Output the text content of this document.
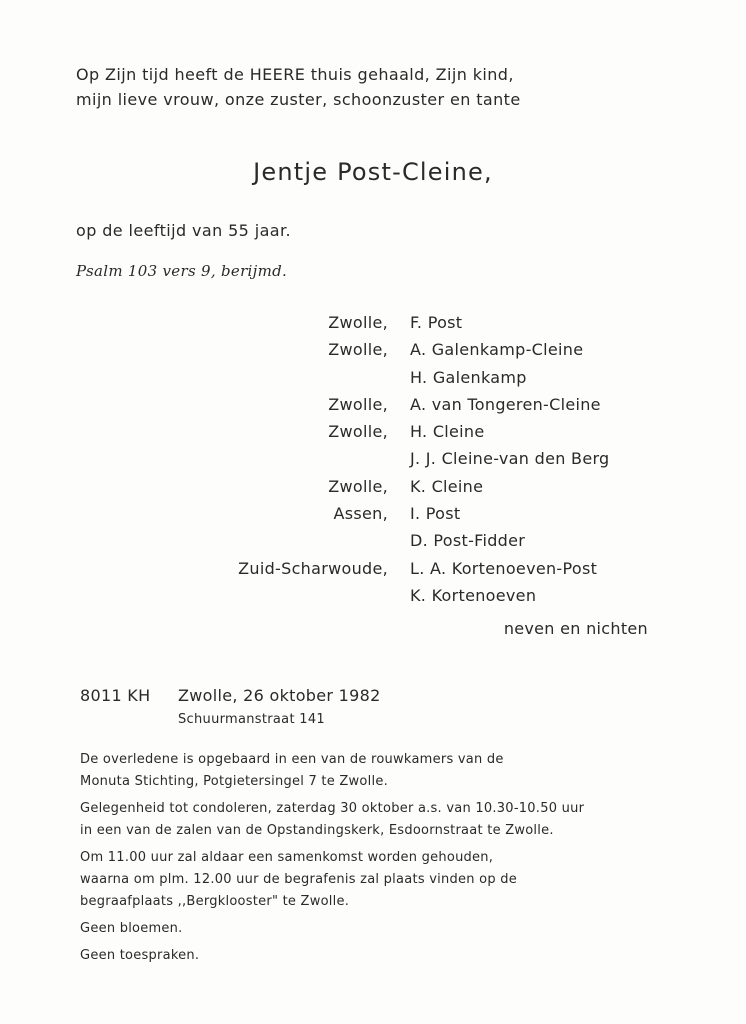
Op Zijn tijd heeft de HEERE thuis gehaald, Zijn kind,
mijn lieve vrouw, onze zuster, schoonzuster en tante
Jentje Post-Cleine,
op de leeftijd van 55 jaar.
Psalm 103 vers 9, berijmd.
Zwolle, F. Post
Zwolle, A. Galenkamp-Cleine
H. Galenkamp
Zwolle, A. van Tongeren-Cleine
Zwolle, H. Cleine
J. J. Cleine-van den Berg
Zwolle, K. Cleine
Assen, I. Post
D. Post-Fidder
Zuid-Scharwoude, L. A. Kortenoeven-Post
K. Kortenoeven
neven en nichten
8011 KH Zwolle, 26 oktober 1982
Schuurmanstraat 141
De overledene is opgebaard in een van de rouwkamers van de
Monuta Stichting, Potgietersingel 7 te Zwolle.
Gelegenheid tot condoleren, zaterdag 30 oktober a.s. van 10.30-10.50 uur
in een van de zalen van de Opstandingskerk, Esdoornstraat te Zwolle.
Om 11.00 uur zal aldaar een samenkomst worden gehouden,
waarna om plm. 12.00 uur de begrafenis zal plaats vinden op de
begraafplaats ,,Bergklooster" te Zwolle.
Geen bloemen.
Geen toespraken.
